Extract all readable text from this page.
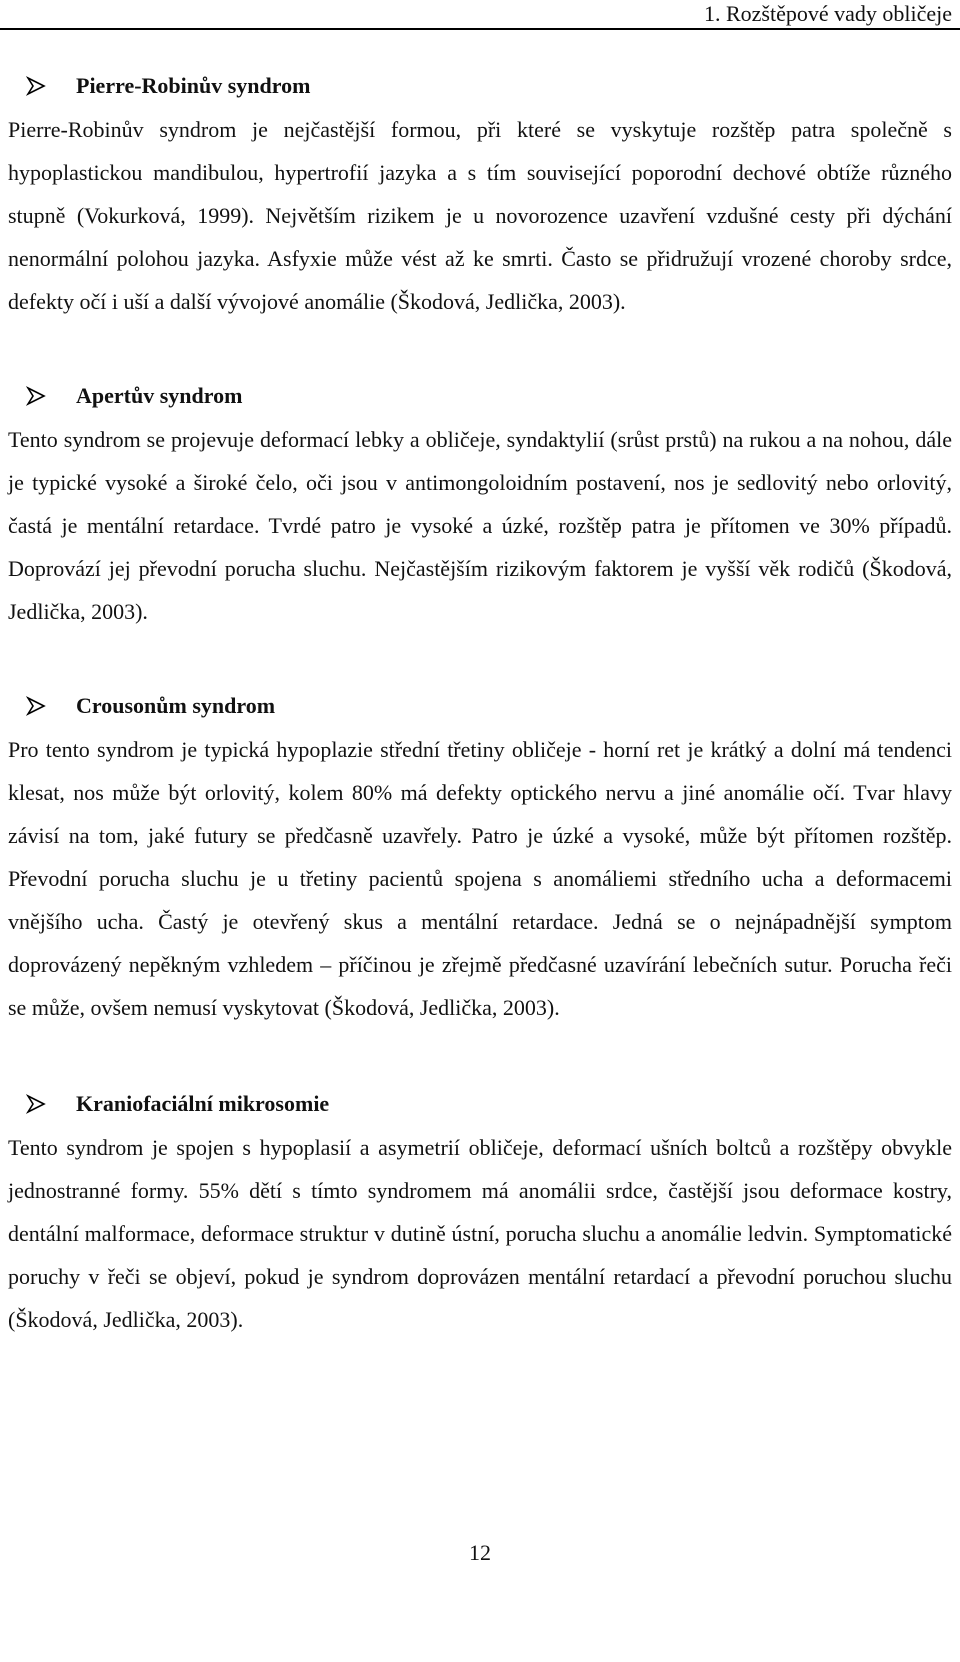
1. Rozštěpové vady obličeje
Pierre-Robinův syndrom

Pierre-Robinův syndrom je nejčastější formou, při které se vyskytuje rozštěp patra společně s hypoplastickou mandibulou, hypertrofií jazyka a s tím související poporodní dechové obtíže různého stupně (Vokurková, 1999). Největším rizikem je u novorozence uzavření vzdušné cesty při dýchání nenormální polohou jazyka. Asfyxie může vést až ke smrti. Často se přidružují vrozené choroby srdce, defekty očí i uší a další vývojové anomálie (Škodová, Jedlička, 2003).

Apertův syndrom

Tento syndrom se projevuje deformací lebky a obličeje, syndaktylií (srůst prstů) na rukou a na nohou, dále je typické vysoké a široké čelo, oči jsou v antimongoloidním postavení, nos je sedlovitý nebo orlovitý, častá je mentální retardace. Tvrdé patro je vysoké a úzké, rozštěp patra je přítomen ve 30% případů. Doprovází jej převodní porucha sluchu. Nejčastějším rizikovým faktorem je vyšší věk rodičů (Škodová, Jedlička, 2003).

Crousonům syndrom

Pro tento syndrom je typická hypoplazie střední třetiny obličeje - horní ret je krátký a dolní má tendenci klesat, nos může být orlovitý, kolem 80% má defekty optického nervu a jiné anomálie očí. Tvar hlavy závisí na tom, jaké futury se předčasně uzavřely. Patro je úzké a vysoké, může být přítomen rozštěp. Převodní porucha sluchu je u třetiny pacientů spojena s anomáliemi středního ucha a deformacemi vnějšího ucha. Častý je otevřený skus a mentální retardace. Jedná se o nejnápadnější symptom doprovázený nepěkným vzhledem – příčinou je zřejmě předčasné uzavírání lebečních sutur. Porucha řeči se může, ovšem nemusí vyskytovat (Škodová, Jedlička, 2003).

Kraniofaciální mikrosomie

Tento syndrom je spojen s hypoplasií a asymetrií obličeje, deformací ušních boltců a rozštěpy obvykle jednostranné formy. 55% dětí s tímto syndromem má anomálii srdce, častější jsou deformace kostry, dentální malformace, deformace struktur v dutině ústní, porucha sluchu a anomálie ledvin. Symptomatické poruchy v řeči se objeví, pokud je syndrom doprovázen mentální retardací a převodní poruchou sluchu (Škodová, Jedlička, 2003).

12
